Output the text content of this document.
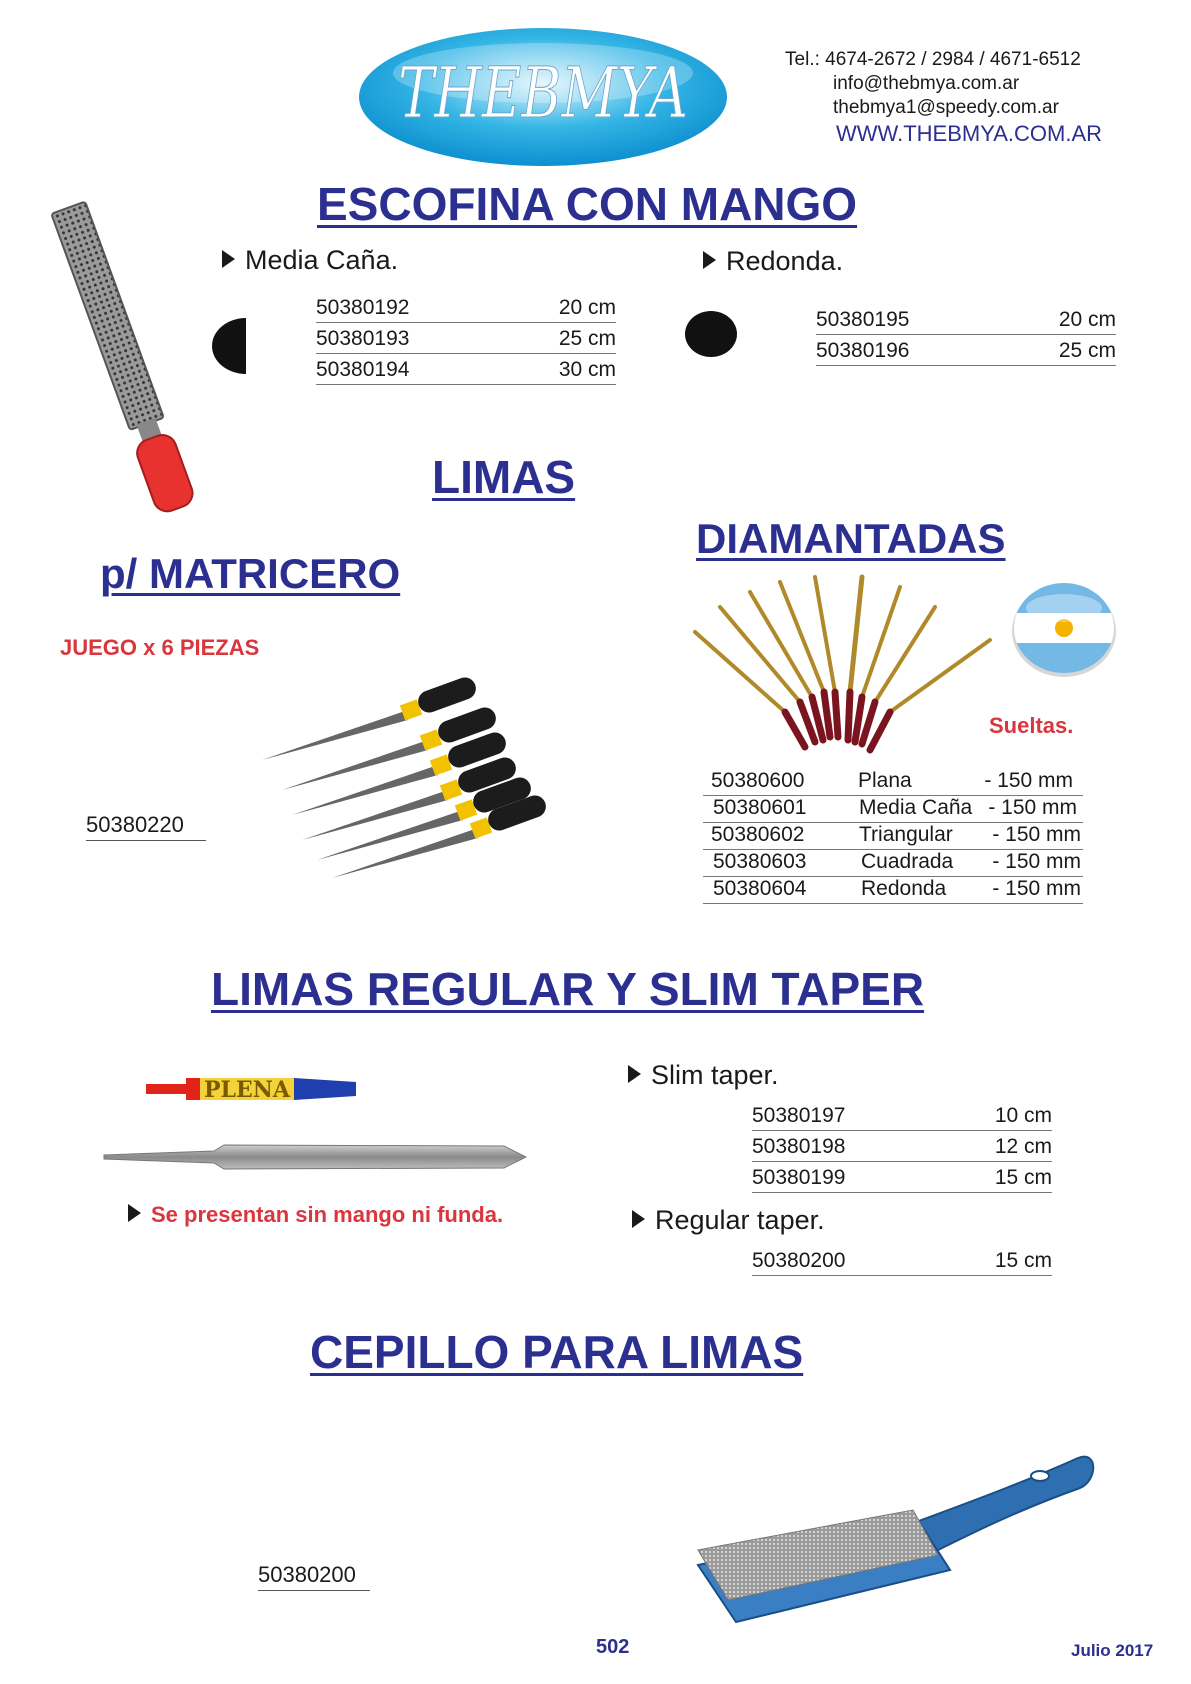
THEBMYA	Tel.: 4674-2672 / 2984 / 4671-6512
info@thebmya.com.ar
thebmya1@speedy.com.ar
WWW.THEBMYA.COM.AR
ESCOFINA CON MANGO
Media Caña.
50380192	20 cm
50380193	25 cm
50380194	30 cm
Redonda.
50380195	20 cm
50380196	25 cm
LIMAS
p/ MATRICERO
JUEGO x 6 PIEZAS
50380220
DIAMANTADAS
Sueltas.
50380600	Plana	- 150 mm
50380601	Media Caña - 150 mm
50380602	Triangular - 150 mm
50380603	Cuadrada - 150 mm
50380604	Redonda - 150 mm
LIMAS REGULAR Y SLIM TAPER
PLENA
Se presentan sin mango ni funda.
Slim taper.
50380197	10 cm
50380198	12 cm
50380199	15 cm
Regular taper.
50380200	15 cm
CEPILLO PARA LIMAS
50380200
502	Julio 2017
